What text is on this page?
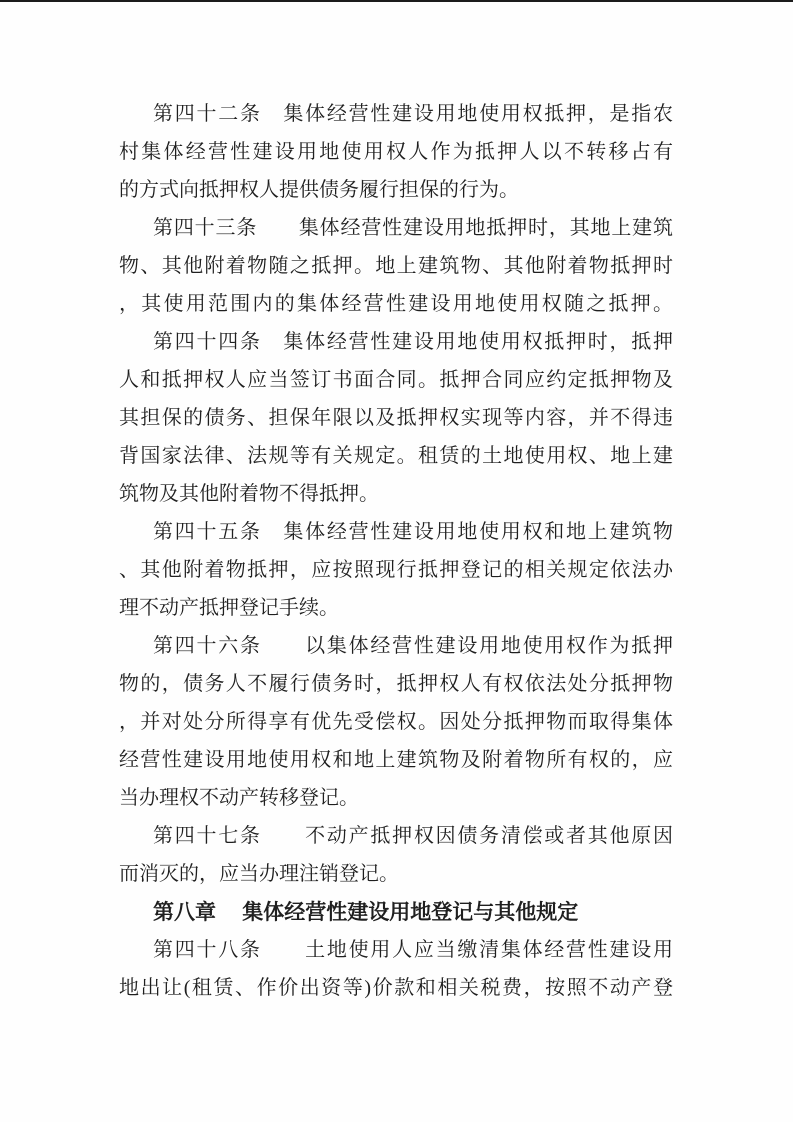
第四十二条　集体经营性建设用地使用权抵押，是指农
村集体经营性建设用地使用权人作为抵押人以不转移占有
的方式向抵押权人提供债务履行担保的行为。
第四十三条　　集体经营性建设用地抵押时，其地上建筑
物、其他附着物随之抵押。地上建筑物、其他附着物抵押时
，其使用范围内的集体经营性建设用地使用权随之抵押。
第四十四条　集体经营性建设用地使用权抵押时，抵押
人和抵押权人应当签订书面合同。抵押合同应约定抵押物及
其担保的债务、担保年限以及抵押权实现等内容，并不得违
背国家法律、法规等有关规定。租赁的土地使用权、地上建
筑物及其他附着物不得抵押。
第四十五条　集体经营性建设用地使用权和地上建筑物
、其他附着物抵押，应按照现行抵押登记的相关规定依法办
理不动产抵押登记手续。
第四十六条　　以集体经营性建设用地使用权作为抵押
物的，债务人不履行债务时，抵押权人有权依法处分抵押物
，并对处分所得享有优先受偿权。因处分抵押物而取得集体
经营性建设用地使用权和地上建筑物及附着物所有权的，应
当办理权不动产转移登记。
第四十七条　　不动产抵押权因债务清偿或者其他原因
而消灭的，应当办理注销登记。
第八章　 集体经营性建设用地登记与其他规定
第四十八条　　土地使用人应当缴清集体经营性建设用
地出让(租赁、作价出资等)价款和相关税费，按照不动产登
